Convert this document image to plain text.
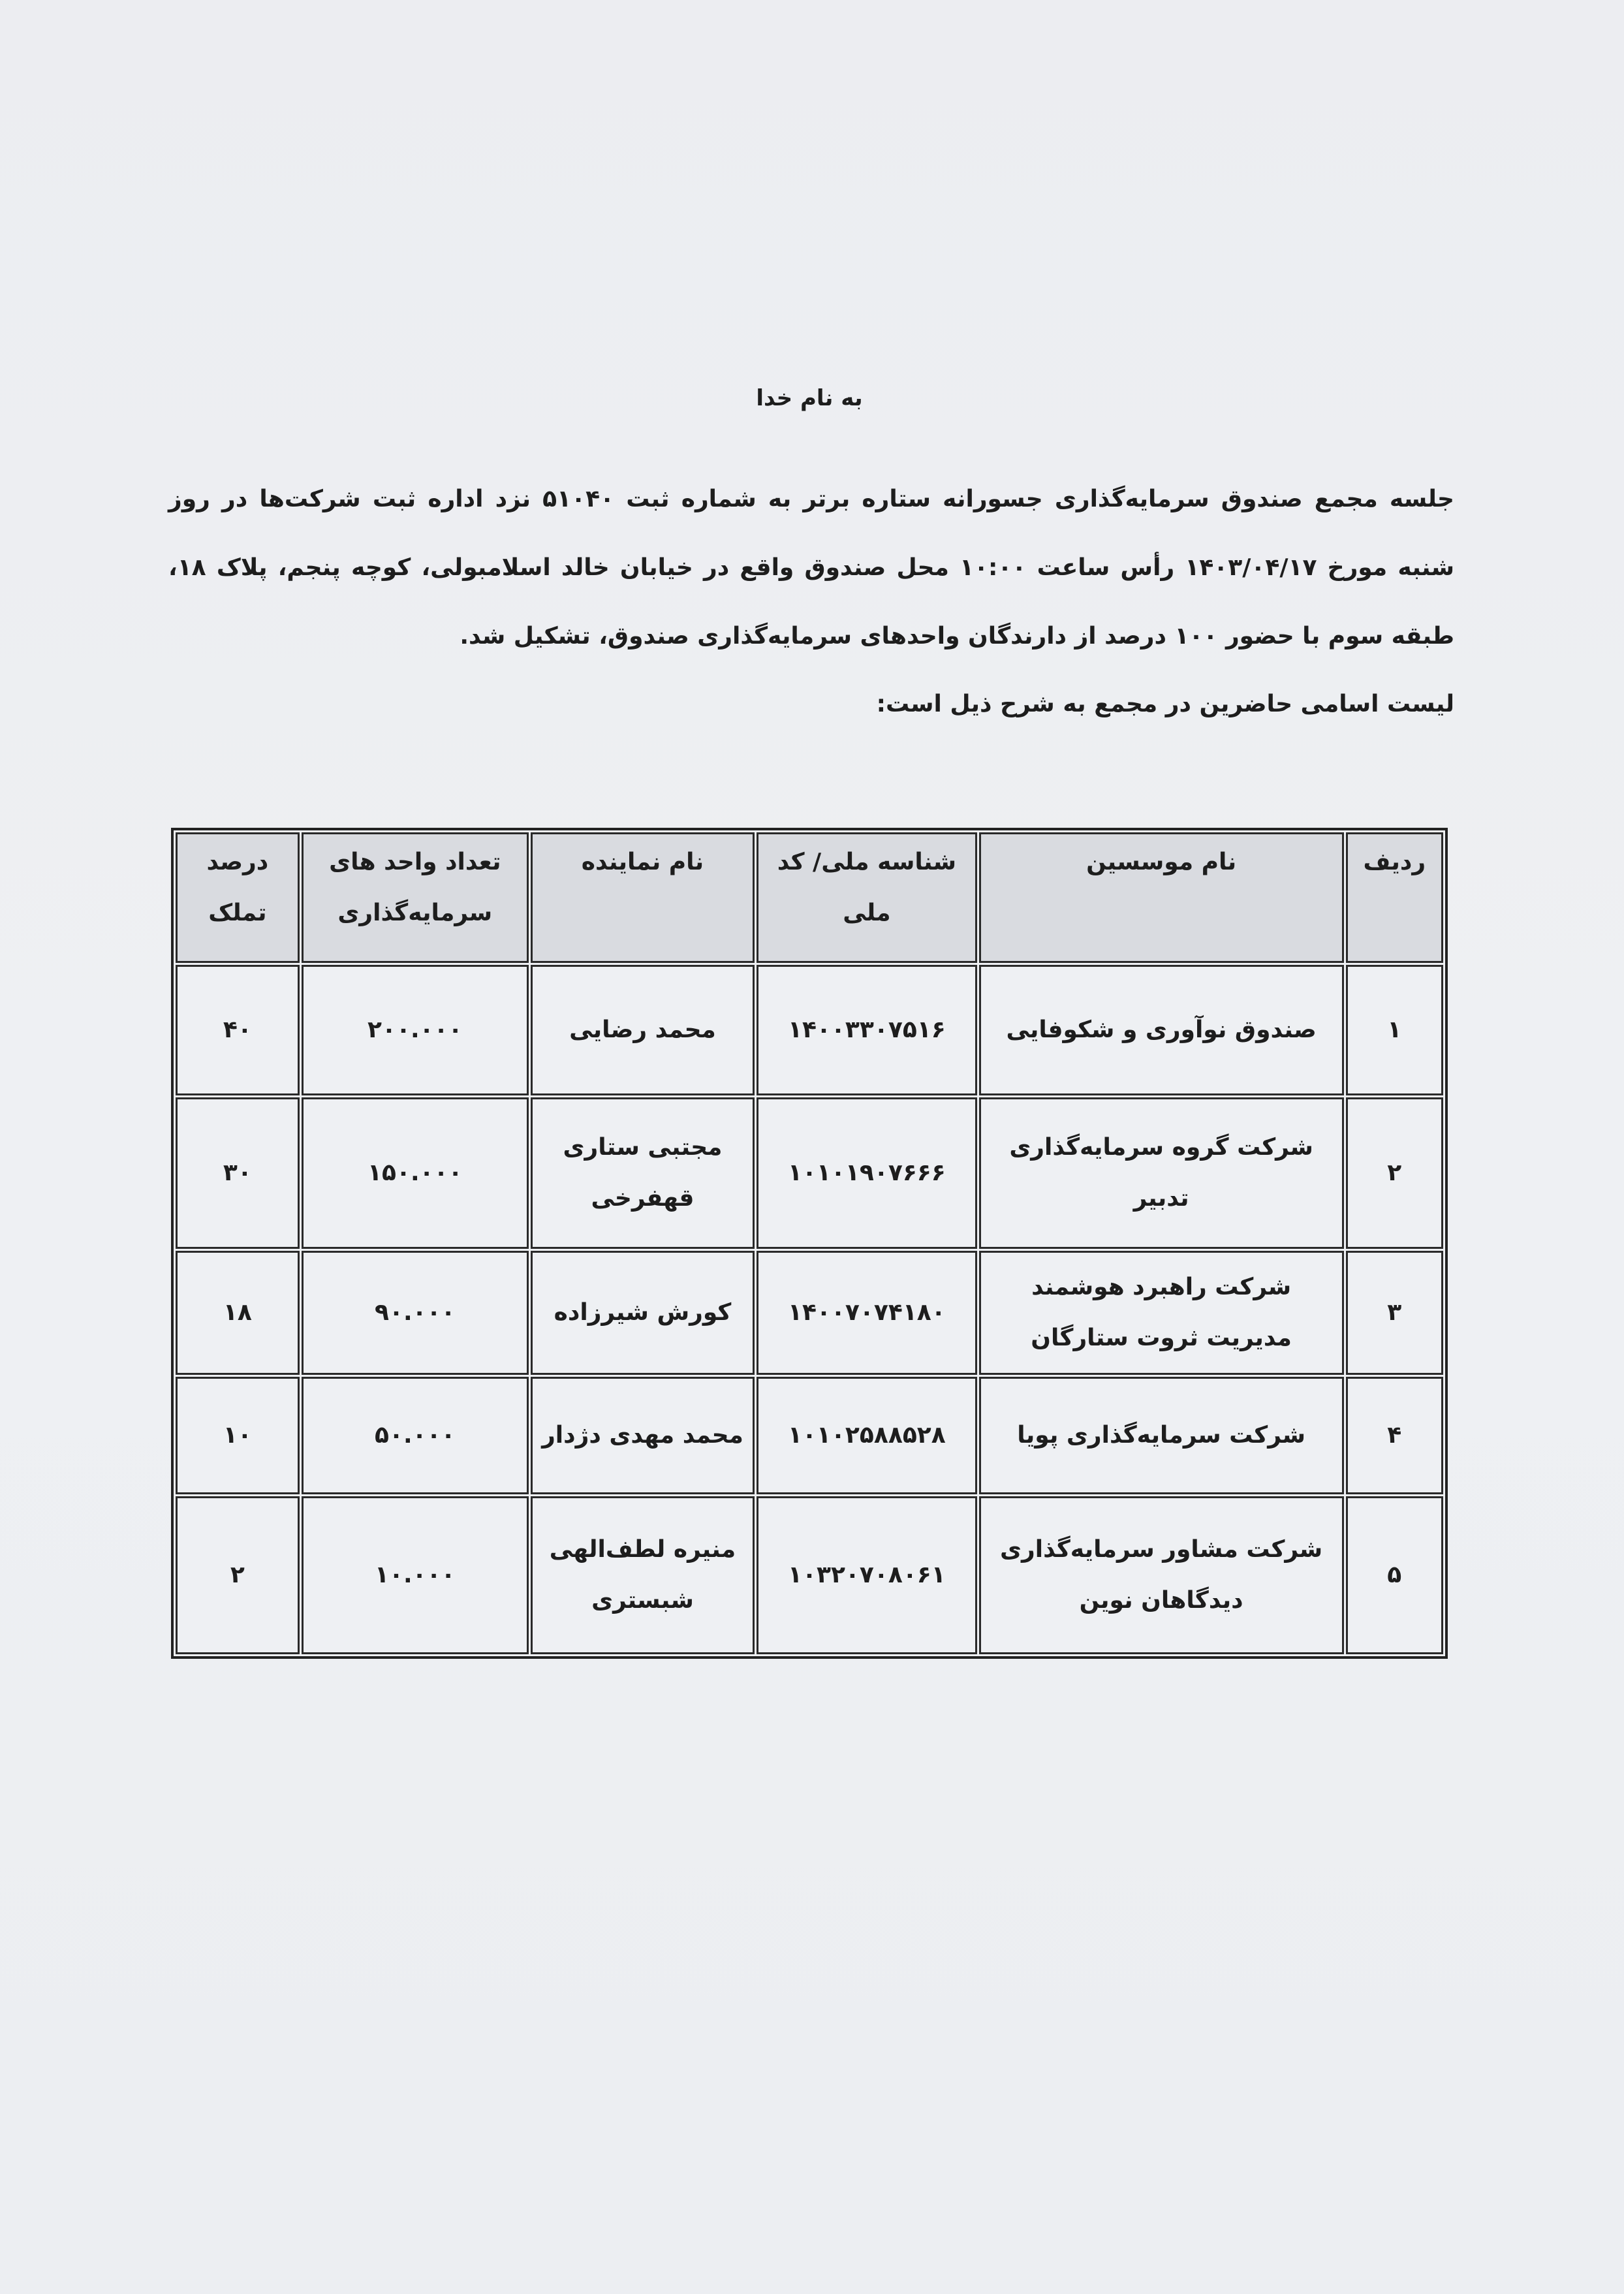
به نام خدا
جلسه مجمع صندوق سرمایه‌گذاری جسورانه ستاره برتر به شماره ثبت ۵۱۰۴۰ نزد اداره ثبت شرکت‌ها در روز شنبه مورخ ۱۴۰۳/۰۴/۱۷ رأس ساعت ۱۰:۰۰ محل صندوق واقع در خیابان خالد اسلامبولی، کوچه پنجم، پلاک ۱۸، طبقه سوم با حضور ۱۰۰ درصد از دارندگان واحدهای سرمایه‌گذاری صندوق، تشکیل شد.
لیست اسامی حاضرین در مجمع به شرح ذیل است:
ردیف	نام موسسین	شناسه ملی/ کد ملی	نام نماینده	تعداد واحد های سرمایه‌گذاری	درصد تملک
۱	صندوق نوآوری و شکوفایی	۱۴۰۰۳۳۰۷۵۱۶	محمد رضایی	۲۰۰.۰۰۰	۴۰
۲	شرکت گروه سرمایه‌گذاری تدبیر	۱۰۱۰۱۹۰۷۶۶۶	مجتبی ستاری قهفرخی	۱۵۰.۰۰۰	۳۰
۳	شرکت راهبرد هوشمند مدیریت ثروت ستارگان	۱۴۰۰۷۰۷۴۱۸۰	کورش شیرزاده	۹۰.۰۰۰	۱۸
۴	شرکت سرمایه‌گذاری پویا	۱۰۱۰۲۵۸۸۵۲۸	محمد مهدی دژدار	۵۰.۰۰۰	۱۰
۵	شرکت مشاور سرمایه‌گذاری دیدگاهان نوین	۱۰۳۲۰۷۰۸۰۶۱	منیره لطف‌الهی شبستری	۱۰.۰۰۰	۲
